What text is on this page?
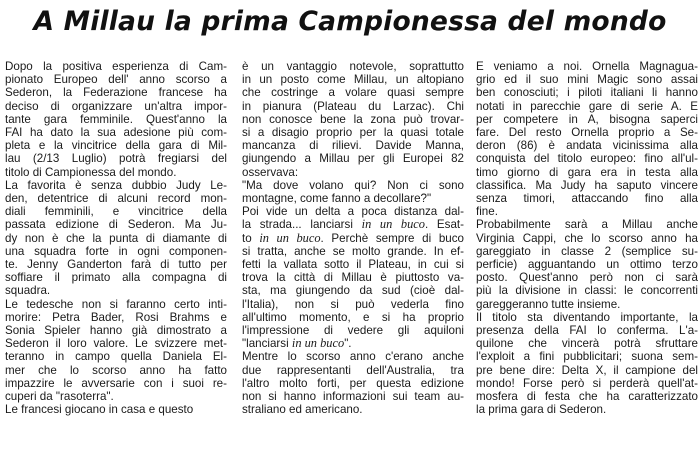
A Millau la prima Campionessa del mondo
Dopo la positiva esperienza di Cam-
pionato Europeo dell' anno scorso a
Sederon, la Federazione francese ha
deciso di organizzare un'altra impor-
tante gara femminile. Quest'anno la
FAI ha dato la sua adesione più com-
pleta e la vincitrice della gara di Mil-
lau (2/13 Luglio) potrà fregiarsi del
titolo di Campionessa del mondo.
La favorita è senza dubbio Judy Le-
den, detentrice di alcuni record mon-
diali femminili, e vincitrice della
passata edizione di Sederon. Ma Ju-
dy non è che la punta di diamante di
una squadra forte in ogni componen-
te. Jenny Ganderton farà di tutto per
soffiare il primato alla compagna di
squadra.
Le tedesche non si faranno certo inti-
morire: Petra Bader, Rosi Brahms e
Sonia Spieler hanno già dimostrato a
Sederon il loro valore. Le svizzere met-
teranno in campo quella Daniela El-
mer che lo scorso anno ha fatto
impazzire le avversarie con i suoi re-
cuperi da "rasoterra".
Le francesi giocano in casa e questo
è un vantaggio notevole, soprattutto
in un posto come Millau, un altopiano
che costringe a volare quasi sempre
in pianura (Plateau du Larzac). Chi
non conosce bene la zona può trovar-
si a disagio proprio per la quasi totale
mancanza di rilievi. Davide Manna,
giungendo a Millau per gli Europei 82
osservava:
"Ma dove volano qui? Non ci sono
montagne, come fanno a decollare?"
Poi vide un delta a poca distanza dal-
la strada... lanciarsi in un buco. Esat-
to in un buco. Perchè sempre di buco
si tratta, anche se molto grande. In ef-
fetti la vallata sotto il Plateau, in cui si
trova la città di Millau è piuttosto va-
sta, ma giungendo da sud (cioè dal-
l'Italia), non si può vederla fino
all'ultimo momento, e si ha proprio
l'impressione di vedere gli aquiloni
"lanciarsi in un buco".
Mentre lo scorso anno c'erano anche
due rappresentanti dell'Australia, tra
l'altro molto forti, per questa edizione
non si hanno informazioni sui team au-
straliano ed americano.
E veniamo a noi. Ornella Magnagua-
grio ed il suo mini Magic sono assai
ben conosciuti; i piloti italiani li hanno
notati in parecchie gare di serie A. E
per competere in A, bisogna saperci
fare. Del resto Ornella proprio a Se-
deron (86) è andata vicinissima alla
conquista del titolo europeo: fino all'ul-
timo giorno di gara era in testa alla
classifica. Ma Judy ha saputo vincere
senza timori, attaccando fino alla
fine.
Probabilmente sarà a Millau anche
Virginia Cappi, che lo scorso anno ha
gareggiato in classe 2 (semplice su-
perficie) agguantando un ottimo terzo
posto. Quest'anno però non ci sarà
più la divisione in classi: le concorrenti
gareggeranno tutte insieme.
Il titolo sta diventando importante, la
presenza della FAI lo conferma. L'a-
quilone che vincerà potrà sfruttare
l'exploit a fini pubblicitari; suona sem-
pre bene dire: Delta X, il campione del
mondo! Forse però si perderà quell'at-
mosfera di festa che ha caratterizzato
la prima gara di Sederon.
